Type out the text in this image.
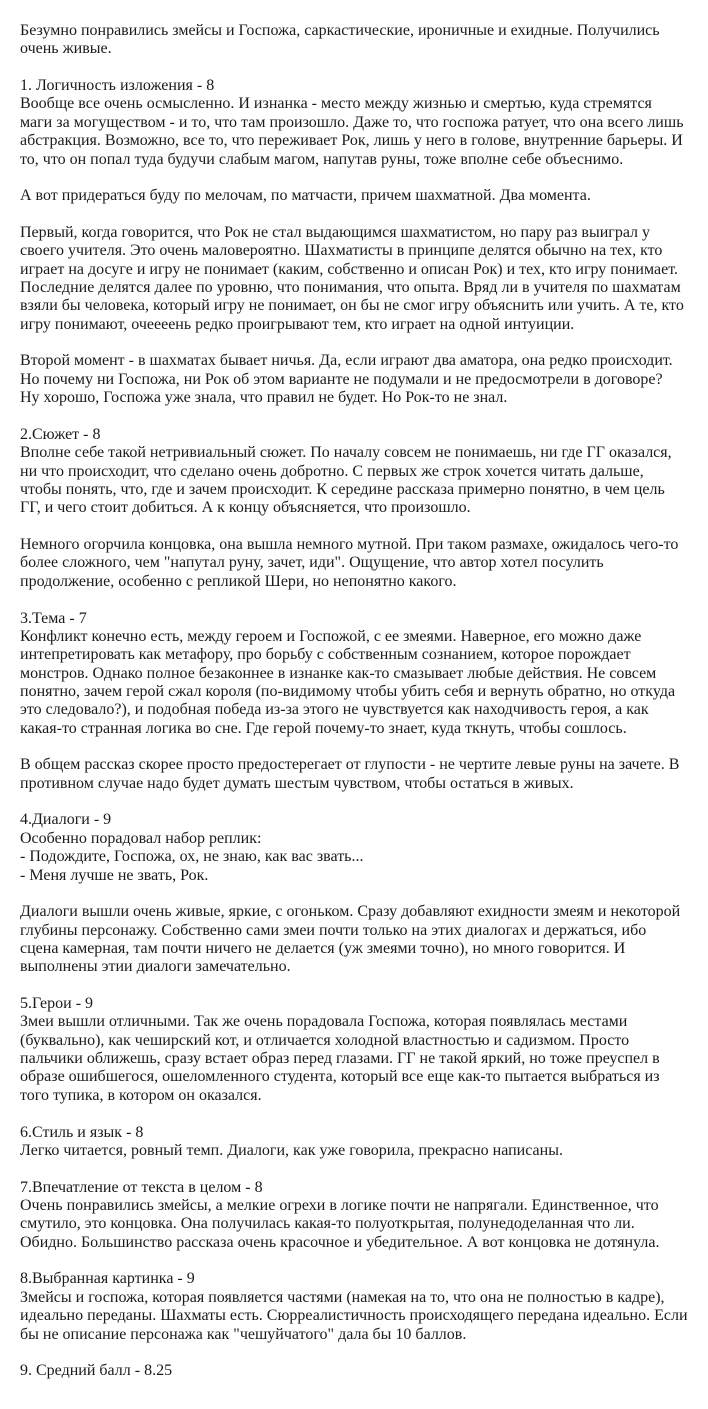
Безумно понравились змейсы и Госпожа, саркастические, ироничные и ехидные. Получились
очень живые.
1. Логичность изложения - 8
Вообще все очень осмысленно. И изнанка - место между жизнью и смертью, куда стремятся
маги за могуществом - и то, что там произошло. Даже то, что госпожа ратует, что она всего лишь
абстракция. Возможно, все то, что переживает Рок, лишь у него в голове, внутренние барьеры. И
то, что он попал туда будучи слабым магом, напутав руны, тоже вполне себе объеснимо.
А вот придераться буду по мелочам, по матчасти, причем шахматной. Два момента.
Первый, когда говорится, что Рок не стал выдающимся шахматистом, но пару раз выиграл у
своего учителя. Это очень маловероятно. Шахматисты в принципе делятся обычно на тех, кто
играет на досуге и игру не понимает (каким, собственно и описан Рок) и тех, кто игру понимает.
Последние делятся далее по уровню, что понимания, что опыта. Вряд ли в учителя по шахматам
взяли бы человека, который игру не понимает, он бы не смог игру объяснить или учить. А те, кто
игру понимают, очеееень редко проигрывают тем, кто играет на одной интуиции.
Второй момент - в шахматах бывает ничья. Да, если играют два аматора, она редко происходит.
Но почему ни Госпожа, ни Рок об этом варианте не подумали и не предосмотрели в договоре?
Ну хорошо, Госпожа уже знала, что правил не будет. Но Рок-то не знал.
2.Сюжет - 8
Вполне себе такой нетривиальный сюжет. По началу совсем не понимаешь, ни где ГГ оказался,
ни что происходит, что сделано очень добротно. С первых же строк хочется читать дальше,
чтобы понять, что, где и зачем происходит. К середине рассказа примерно понятно, в чем цель
ГГ, и чего стоит добиться. А к концу объясняется, что произошло.
Немного огорчила концовка, она вышла немного мутной. При таком размахе, ожидалось чего-то
более сложного, чем "напутал руну, зачет, иди". Ощущение, что автор хотел посулить
продолжение, особенно с репликой Шери, но непонятно какого.
3.Тема - 7
Конфликт конечно есть, между героем и Госпожой, с ее змеями. Наверное, его можно даже
интепретировать как метафору, про борьбу с собственным сознанием, которое порождает
монстров. Однако полное безаконнее в изнанке как-то смазывает любые действия. Не совсем
понятно, зачем герой сжал короля (по-видимому чтобы убить себя и вернуть обратно, но откуда
это следовало?), и подобная победа из-за этого не чувствуется как находчивость героя, а как
какая-то странная логика во сне. Где герой почему-то знает, куда ткнуть, чтобы сошлось.
В общем рассказ скорее просто предостерегает от глупости - не чертите левые руны на зачете. В
противном случае надо будет думать шестым чувством, чтобы остаться в живых.
4.Диалоги - 9
Особенно порадовал набор реплик:
- Подождите, Госпожа, ох, не знаю, как вас звать...
- Меня лучше не звать, Рок.
Диалоги вышли очень живые, яркие, с огоньком. Сразу добавляют ехидности змеям и некоторой
глубины персонажу. Собственно сами змеи почти только на этих диалогах и держаться, ибо
сцена камерная, там почти ничего не делается (уж змеями точно), но много говорится. И
выполнены этии диалоги замечательно.
5.Герои - 9
Змеи вышли отличными. Так же очень порадовала Госпожа, которая появлялась местами
(буквально), как чеширский кот, и отличается холодной властностью и садизмом. Просто
пальчики оближешь, сразу встает образ перед глазами. ГГ не такой яркий, но тоже преуспел в
образе ошибшегося, ошеломленного студента, который все еще как-то пытается выбраться из
того тупика, в котором он оказался.
6.Стиль и язык - 8
Легко читается, ровный темп. Диалоги, как уже говорила, прекрасно написаны.
7.Впечатление от текста в целом - 8
Очень понравились змейсы, а мелкие огрехи в логике почти не напрягали. Единственное, что
смутило, это концовка. Она получилась какая-то полуоткрытая, полунедоделанная что ли.
Обидно. Большинство рассказа очень красочное и убедительное. А вот концовка не дотянула.
8.Выбранная картинка - 9
Змейсы и госпожа, которая появляется частями (намекая на то, что она не полностью в кадре),
идеально переданы. Шахматы есть. Сюрреалистичность происходящего передана идеально. Если
бы не описание персонажа как "чешуйчатого" дала бы 10 баллов.
9. Средний балл - 8.25
